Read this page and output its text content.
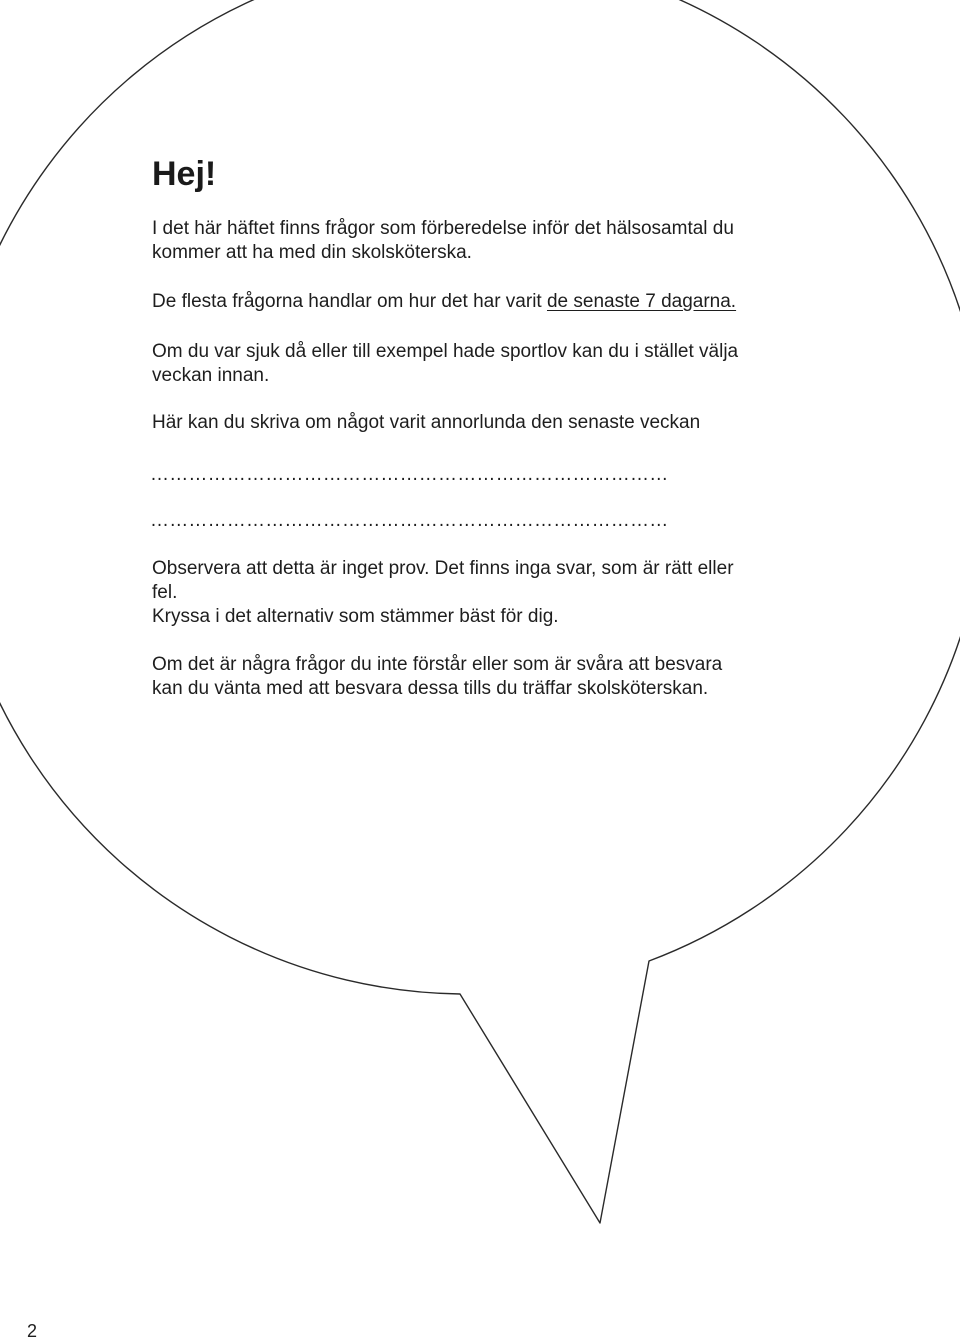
Hej!

I det här häftet finns frågor som förberedelse inför det hälsosamtal du

kommer att ha med din skolsköterska.

De flesta frågorna handlar om hur det har varit de senaste 7 dagarna.

Om du var sjuk då eller till exempel hade sportlov kan du i stället välja

veckan innan.

Här kan du skriva om något varit annorlunda den senaste veckan

………………………………………………………………………

………………………………………………………………………

Observera att detta är inget prov. Det finns inga svar, som är rätt eller

fel.

Kryssa i det alternativ som stämmer bäst för dig.

Om det är några frågor du inte förstår eller som är svåra att besvara

kan du vänta med att besvara dessa tills du träffar skolsköterskan.

2
